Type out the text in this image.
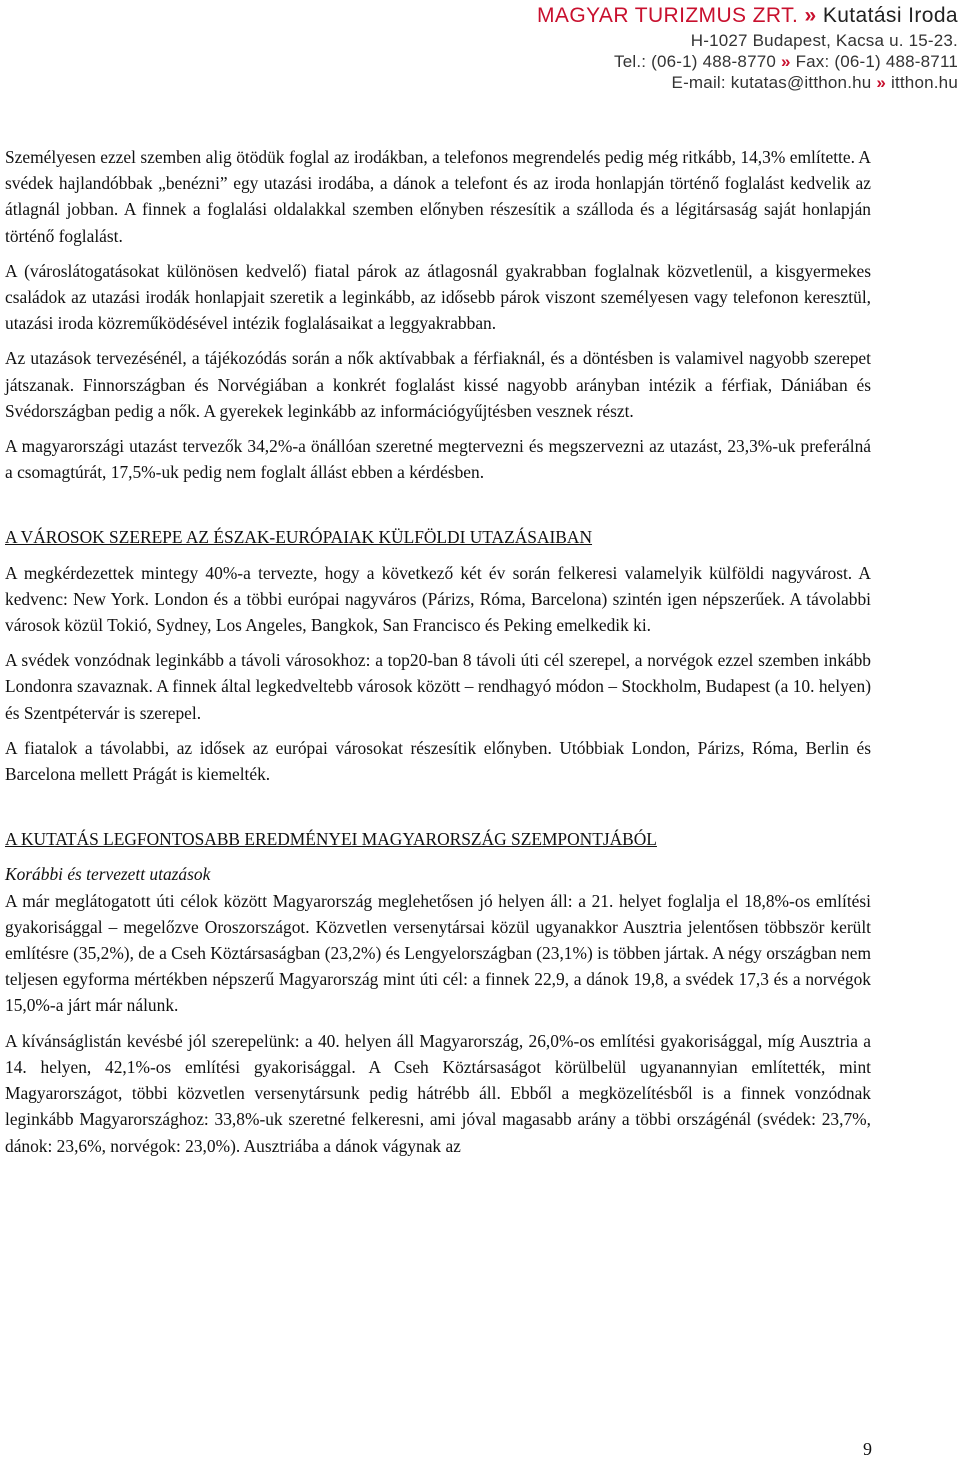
MAGYAR TURIZMUS ZRT. » Kutatási Iroda
H-1027 Budapest, Kacsa u. 15-23.
Tel.: (06-1) 488-8770 » Fax: (06-1) 488-8711
E-mail: kutatas@itthon.hu » itthon.hu

Személyesen ezzel szemben alig ötödük foglal az irodákban, a telefonos megrendelés pedig még ritkább, 14,3% említette. A svédek hajlandóbbak „benézni” egy utazási irodába, a dánok a telefont és az iroda honlapján történő foglalást kedvelik az átlagnál jobban. A finnek a foglalási oldalakkal szemben előnyben részesítik a szálloda és a légitársaság saját honlapján történő foglalást.

A (városlátogatásokat különösen kedvelő) fiatal párok az átlagosnál gyakrabban foglalnak közvetlenül, a kisgyermekes családok az utazási irodák honlapjait szeretik a leginkább, az idősebb párok viszont személyesen vagy telefonon keresztül, utazási iroda közreműködésével intézik foglalásaikat a leggyakrabban.

Az utazások tervezésénél, a tájékozódás során a nők aktívabbak a férfiaknál, és a döntésben is valamivel nagyobb szerepet játszanak. Finnországban és Norvégiában a konkrét foglalást kissé nagyobb arányban intézik a férfiak, Dániában és Svédországban pedig a nők. A gyerekek leginkább az információgyűjtésben vesznek részt.

A magyarországi utazást tervezők 34,2%-a önállóan szeretné megtervezni és megszervezni az utazást, 23,3%-uk preferálná a csomagtúrát, 17,5%-uk pedig nem foglalt állást ebben a kérdésben.

A VÁROSOK SZEREPE AZ ÉSZAK-EURÓPAIAK KÜLFÖLDI UTAZÁSAIBAN

A megkérdezettek mintegy 40%-a tervezte, hogy a következő két év során felkeresi valamelyik külföldi nagyvárost. A kedvenc: New York. London és a többi európai nagyváros (Párizs, Róma, Barcelona) szintén igen népszerűek. A távolabbi városok közül Tokió, Sydney, Los Angeles, Bangkok, San Francisco és Peking emelkedik ki.

A svédek vonzódnak leginkább a távoli városokhoz: a top20-ban 8 távoli úti cél szerepel, a norvégok ezzel szemben inkább Londonra szavaznak. A finnek által legkedveltebb városok között – rendhagyó módon – Stockholm, Budapest (a 10. helyen) és Szentpétervár is szerepel.

A fiatalok a távolabbi, az idősek az európai városokat részesítik előnyben. Utóbbiak London, Párizs, Róma, Berlin és Barcelona mellett Prágát is kiemelték.

A KUTATÁS LEGFONTOSABB EREDMÉNYEI MAGYARORSZÁG SZEMPONTJÁBÓL
Korábbi és tervezett utazások

A már meglátogatott úti célok között Magyarország meglehetősen jó helyen áll: a 21. helyet foglalja el 18,8%-os említési gyakorisággal – megelőzve Oroszországot. Közvetlen versenytársai közül ugyanakkor Ausztria jelentősen többször került említésre (35,2%), de a Cseh Köztársaságban (23,2%) és Lengyelországban (23,1%) is többen jártak. A négy országban nem teljesen egyforma mértékben népszerű Magyarország mint úti cél: a finnek 22,9, a dánok 19,8, a svédek 17,3 és a norvégok 15,0%-a járt már nálunk.

A kívánságlistán kevésbé jól szerepelünk: a 40. helyen áll Magyarország, 26,0%-os említési gyakorisággal, míg Ausztria a 14. helyen, 42,1%-os említési gyakorisággal. A Cseh Köztársaságot körülbelül ugyanannyian említették, mint Magyarországot, többi közvetlen versenytársunk pedig hátrébb áll. Ebből a megközelítésből is a finnek vonzódnak leginkább Magyarországhoz: 33,8%-uk szeretné felkeresni, ami jóval magasabb arány a többi országénál (svédek: 23,7%, dánok: 23,6%, norvégok: 23,0%). Ausztriába a dánok vágynak az

9
